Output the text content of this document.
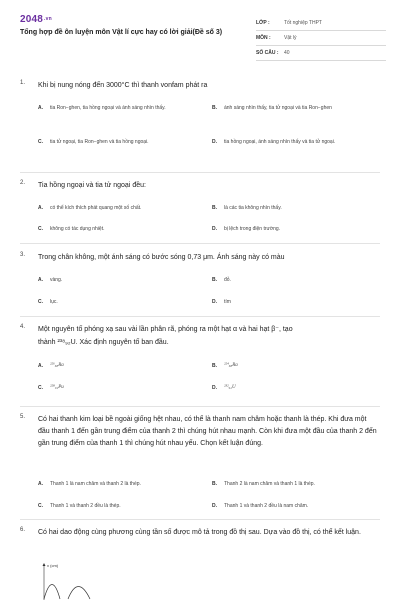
$2048^{.vn}$
Tổng hợp đề ôn luyện môn Vật lí cực hay có lời giải(Đề số 3)
LỚP :	Tốt nghiệp THPT
MÔN :	Vật lý
SỐ CÂU :	40
1. Khi bị nung nóng đến 3000°C thì thanh vonfam phát ra
A.	tia Ron−ghen, tia hồng ngoại và ánh sáng nhìn thấy.	B.	ánh sáng nhìn thấy, tia tử ngoại và tia Ron−ghen
C.	tia tử ngoại, tia Ron−ghen và tia hồng ngoại.	D.	tia hồng ngoại, ánh sáng nhìn thấy và tia tử ngoại.
2. Tia hồng ngoại và tia tử ngoại đều:
A.	có thể kích thích phát quang một số chất.	B.	là các tia không nhìn thấy.
C.	không có tác dụng nhiệt.	D.	bị lệch trong điện trường.
3. Trong chân không, một ánh sáng có bước sóng 0,73 μm. Ánh sáng này có màu
A.	vàng.	B.	đỏ.
C.	lục.	D.	tím
4. Một nguyên tố phóng xạ sau vài lần phân rã, phóng ra một hạt α và hai hạt β⁻, tạo
thành ²³⁸₉₂U. Xác định nguyên tố ban đầu.
A.	²²⁶₈₈Ra	B.	²²⁴₈₈Ra
C.	²²⁸₉₂Pu	D.	²³²₉₂U
5. Có hai thanh kim loại bề ngoài giống hệt nhau, có thể là thanh nam châm hoặc thanh là thép. Khi đưa một đầu thanh 1 đến gần trung điểm của thanh 2 thì chúng hút nhau mạnh. Còn khi đưa một đầu của thanh 2 đến gần trung điểm của thanh 1 thì chúng hút nhau yếu. Chọn kết luận đúng.
A.	Thanh 1 là nam châm và thanh 2 là thép.	B.	Thanh 2 là nam châm và thanh 1 là thép.
C.	Thanh 1 và thanh 2 đều là thép.	D.	Thanh 1 và thanh 2 đều là nam châm.
6. Có hai dao động cùng phương cùng tần số được mô tả trong đồ thị sau. Dựa vào đồ thị, có thể kết luận.
x (cm)
